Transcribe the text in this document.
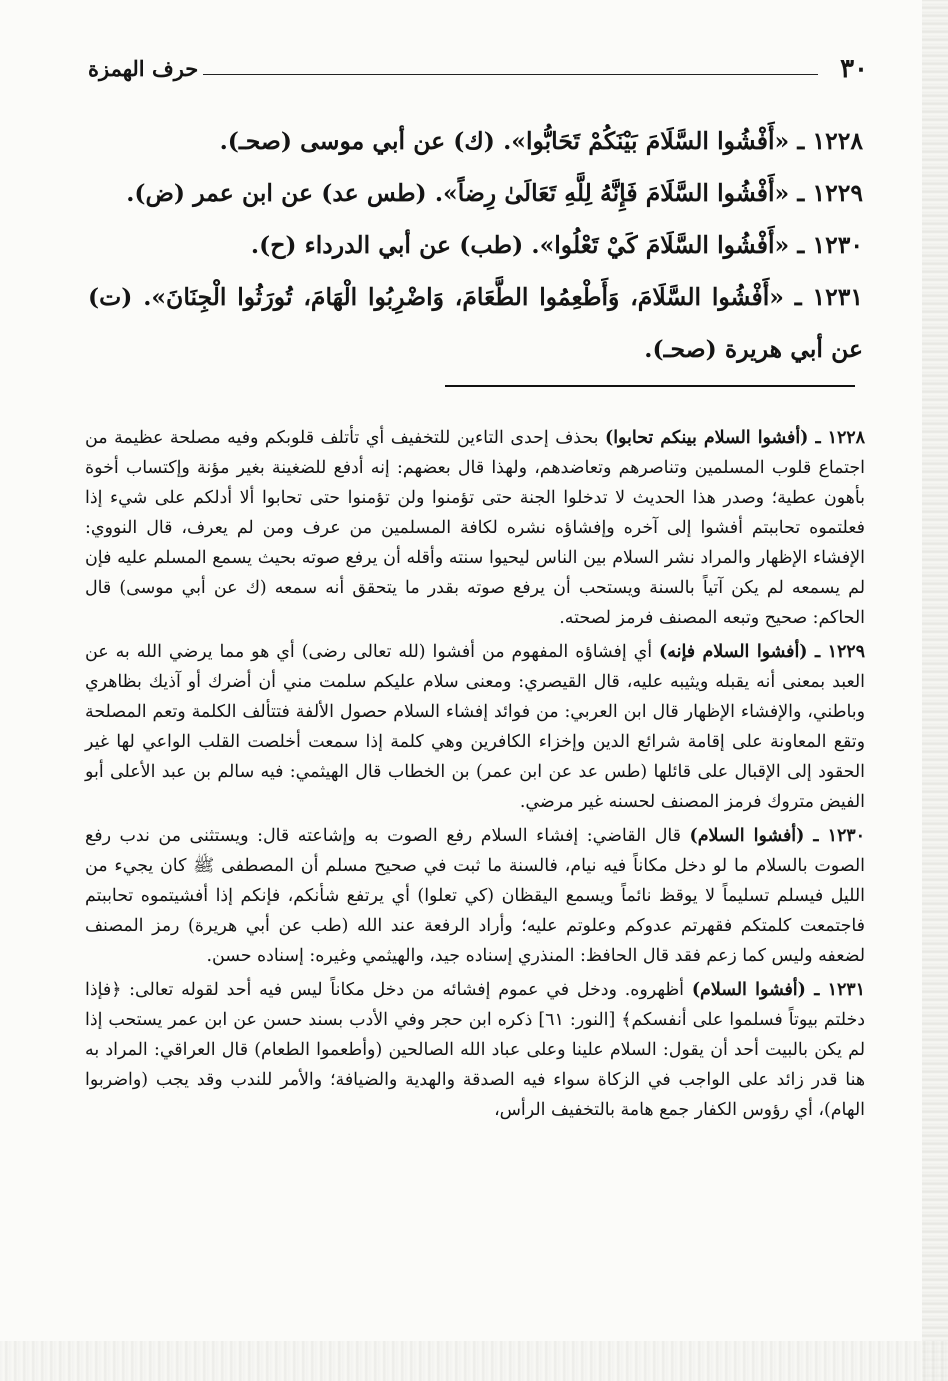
٣٠
حرف الهمزة

١٢٢٨ ـ «أَفْشُوا السَّلَامَ بَيْنَكُمْ تَحَابُّوا». (ك) عن أبي موسى (صحـ).

١٢٢٩ ـ «أَفْشُوا السَّلَامَ فَإِنَّهُ لِلَّهِ تَعَالَىٰ رِضاً». (طس عد) عن ابن عمر (ض).

١٢٣٠ ـ «أَفْشُوا السَّلَامَ كَيْ تَعْلُوا». (طب) عن أبي الدرداء (ح).

١٢٣١ ـ «أَفْشُوا السَّلَامَ، وَأَطْعِمُوا الطَّعَامَ، وَاضْرِبُوا الْهَامَ، تُورَثُوا الْجِنَانَ». (ت) عن أبي هريرة (صحـ).

١٢٢٨ ـ (أفشوا السلام بينكم تحابوا) بحذف إحدى التاءين للتخفيف أي تأتلف قلوبكم وفيه مصلحة عظيمة من اجتماع قلوب المسلمين وتناصرهم وتعاضدهم، ولهذا قال بعضهم: إنه أدفع للضغينة بغير مؤنة وإكتساب أخوة بأهون عطية؛ وصدر هذا الحديث لا تدخلوا الجنة حتى تؤمنوا ولن تؤمنوا حتى تحابوا ألا أدلكم على شيء إذا فعلتموه تحاببتم أفشوا إلى آخره وإفشاؤه نشره لكافة المسلمين من عرف ومن لم يعرف، قال النووي: الإفشاء الإظهار والمراد نشر السلام بين الناس ليحيوا سنته وأقله أن يرفع صوته بحيث يسمع المسلم عليه فإن لم يسمعه لم يكن آتياً بالسنة ويستحب أن يرفع صوته بقدر ما يتحقق أنه سمعه (ك عن أبي موسى) قال الحاكم: صحيح وتبعه المصنف فرمز لصحته.

١٢٢٩ ـ (أفشوا السلام فإنه) أي إفشاؤه المفهوم من أفشوا (لله تعالى رضى) أي هو مما يرضي الله به عن العبد بمعنى أنه يقبله ويثيبه عليه، قال القيصري: ومعنى سلام عليكم سلمت مني أن أضرك أو آذيك بظاهري وباطني، والإفشاء الإظهار قال ابن العربي: من فوائد إفشاء السلام حصول الألفة فتتألف الكلمة وتعم المصلحة وتقع المعاونة على إقامة شرائع الدين وإخزاء الكافرين وهي كلمة إذا سمعت أخلصت القلب الواعي لها غير الحقود إلى الإقبال على قائلها (طس عد عن ابن عمر) بن الخطاب قال الهيثمي: فيه سالم بن عبد الأعلى أبو الفيض متروك فرمز المصنف لحسنه غير مرضي.

١٢٣٠ ـ (أفشوا السلام) قال القاضي: إفشاء السلام رفع الصوت به وإشاعته قال: ويستثنى من ندب رفع الصوت بالسلام ما لو دخل مكاناً فيه نيام، فالسنة ما ثبت في صحيح مسلم أن المصطفى ﷺ كان يجيء من الليل فيسلم تسليماً لا يوقظ نائماً ويسمع اليقظان (كي تعلوا) أي يرتفع شأنكم، فإنكم إذا أفشيتموه تحاببتم فاجتمعت كلمتكم فقهرتم عدوكم وعلوتم عليه؛ وأراد الرفعة عند الله (طب عن أبي هريرة) رمز المصنف لضعفه وليس كما زعم فقد قال الحافظ: المنذري إسناده جيد، والهيثمي وغيره: إسناده حسن.

١٢٣١ ـ (أفشوا السلام) أظهروه. ودخل في عموم إفشائه من دخل مكاناً ليس فيه أحد لقوله تعالى: ﴿فإذا دخلتم بيوتاً فسلموا على أنفسكم﴾ [النور: ٦١] ذكره ابن حجر وفي الأدب بسند حسن عن ابن عمر يستحب إذا لم يكن بالبيت أحد أن يقول: السلام علينا وعلى عباد الله الصالحين (وأطعموا الطعام) قال العراقي: المراد به هنا قدر زائد على الواجب في الزكاة سواء فيه الصدقة والهدية والضيافة؛ والأمر للندب وقد يجب (واضربوا الهام)، أي رؤوس الكفار جمع هامة بالتخفيف الرأس،
